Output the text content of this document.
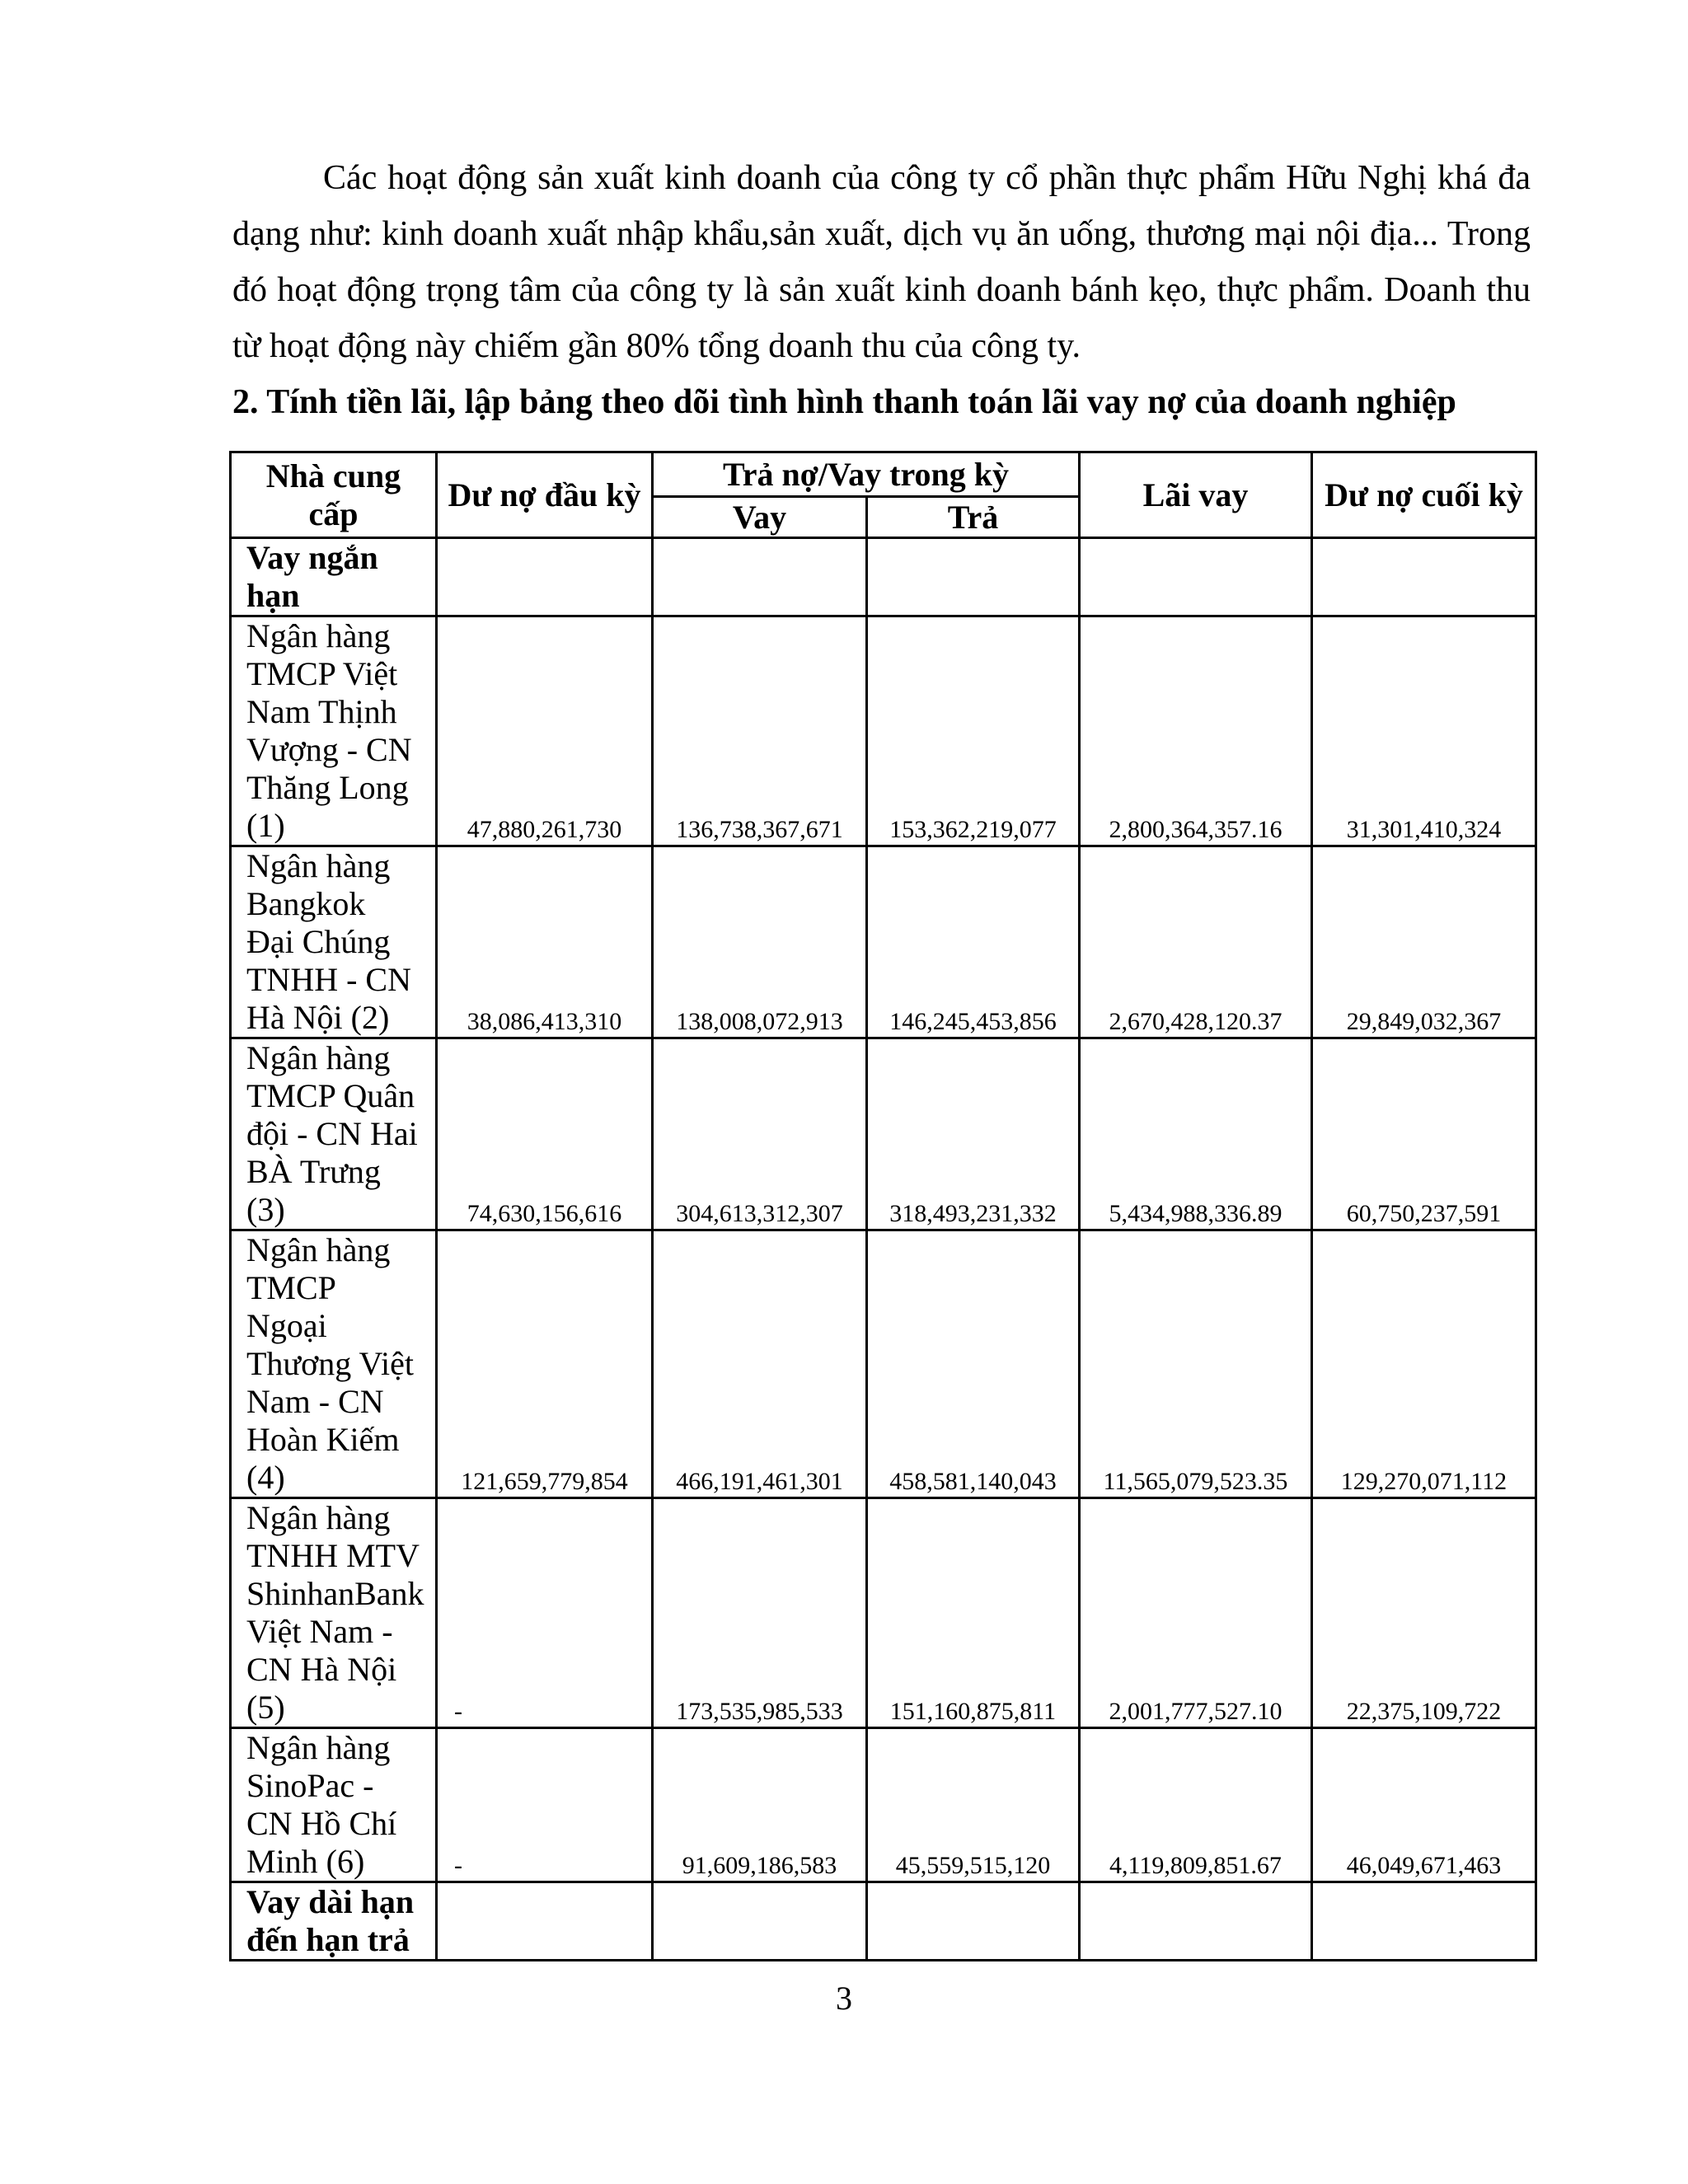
Các hoạt động sản xuất kinh doanh của công ty cổ phần thực phẩm Hữu Nghị khá đa dạng như: kinh doanh xuất nhập khẩu,sản xuất, dịch vụ ăn uống, thương mại nội địa... Trong đó hoạt động trọng tâm của công ty là sản xuất kinh doanh bánh kẹo, thực phẩm. Doanh thu từ hoạt động này chiếm gần 80% tổng doanh thu của công ty.

2. Tính tiền lãi, lập bảng theo dõi tình hình thanh toán lãi vay nợ của doanh nghiệp

Nhà cung cấp	Dư nợ đầu kỳ	Trả nợ/Vay trong kỳ		Lãi vay	Dư nợ cuối kỳ
		Vay	Trả		
Vay ngắn hạn					
Ngân hàng TMCP Việt Nam Thịnh Vượng - CN Thăng Long (1)	47,880,261,730	136,738,367,671	153,362,219,077	2,800,364,357.16	31,301,410,324
Ngân hàng Bangkok Đại Chúng TNHH - CN Hà Nội (2)	38,086,413,310	138,008,072,913	146,245,453,856	2,670,428,120.37	29,849,032,367
Ngân hàng TMCP Quân đội - CN Hai BÀ Trưng (3)	74,630,156,616	304,613,312,307	318,493,231,332	5,434,988,336.89	60,750,237,591
Ngân hàng TMCP Ngoại Thương Việt Nam - CN Hoàn Kiếm (4)	121,659,779,854	466,191,461,301	458,581,140,043	11,565,079,523.35	129,270,071,112
Ngân hàng TNHH MTV ShinhanBank Việt Nam - CN Hà Nội (5)	-	173,535,985,533	151,160,875,811	2,001,777,527.10	22,375,109,722
Ngân hàng SinoPac - CN Hồ Chí Minh (6)	-	91,609,186,583	45,559,515,120	4,119,809,851.67	46,049,671,463
Vay dài hạn đến hạn trả					
3
